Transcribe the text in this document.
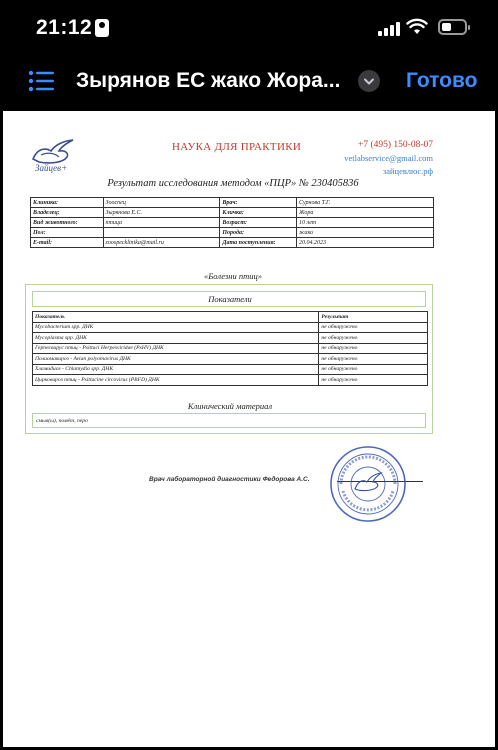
21:12
Зырянов ЕС жако Жора...	Готово
Зайцев+
НАУКА ДЛЯ ПРАКТИКИ	+7 (495) 150-08-07
vetlabservice@gmail.com
зайцевлюс.рф
Результат исследования методом «ПЦР» № 230405836
Клиника:	Зооспец	Врач:	Сурнова Т.Г.
Владелец:	Зырянова Е.С.	Кличка:	Жора
Вид животного:	птица	Возраст:	10 лет
Пол:		Порода:	жако
E-mail:	zoospecklinika@mail.ru	Дата поступления:	20.04.2023
«Болезни птиц»
Показатели
Показатель	Результат
Mycobacterium spp. ДНК	не обнаружено
Mycoplasma spp. ДНК	не обнаружено
Герпесвирус птиц - Psittaci Herpesviridae (PsHV) ДНК	не обнаружено
Полиомавироз - Avian polyomavirus ДНК	не обнаружено
Хламидиоз - Chlamydia spp. ДНК	не обнаружено
Цирковироз птиц - Psittacine circovirus (PBFD) ДНК	не обнаружено
Клинический материал
смыв(ы), помёт, перо
Врач лабораторной диагностики Федорова А.С.
